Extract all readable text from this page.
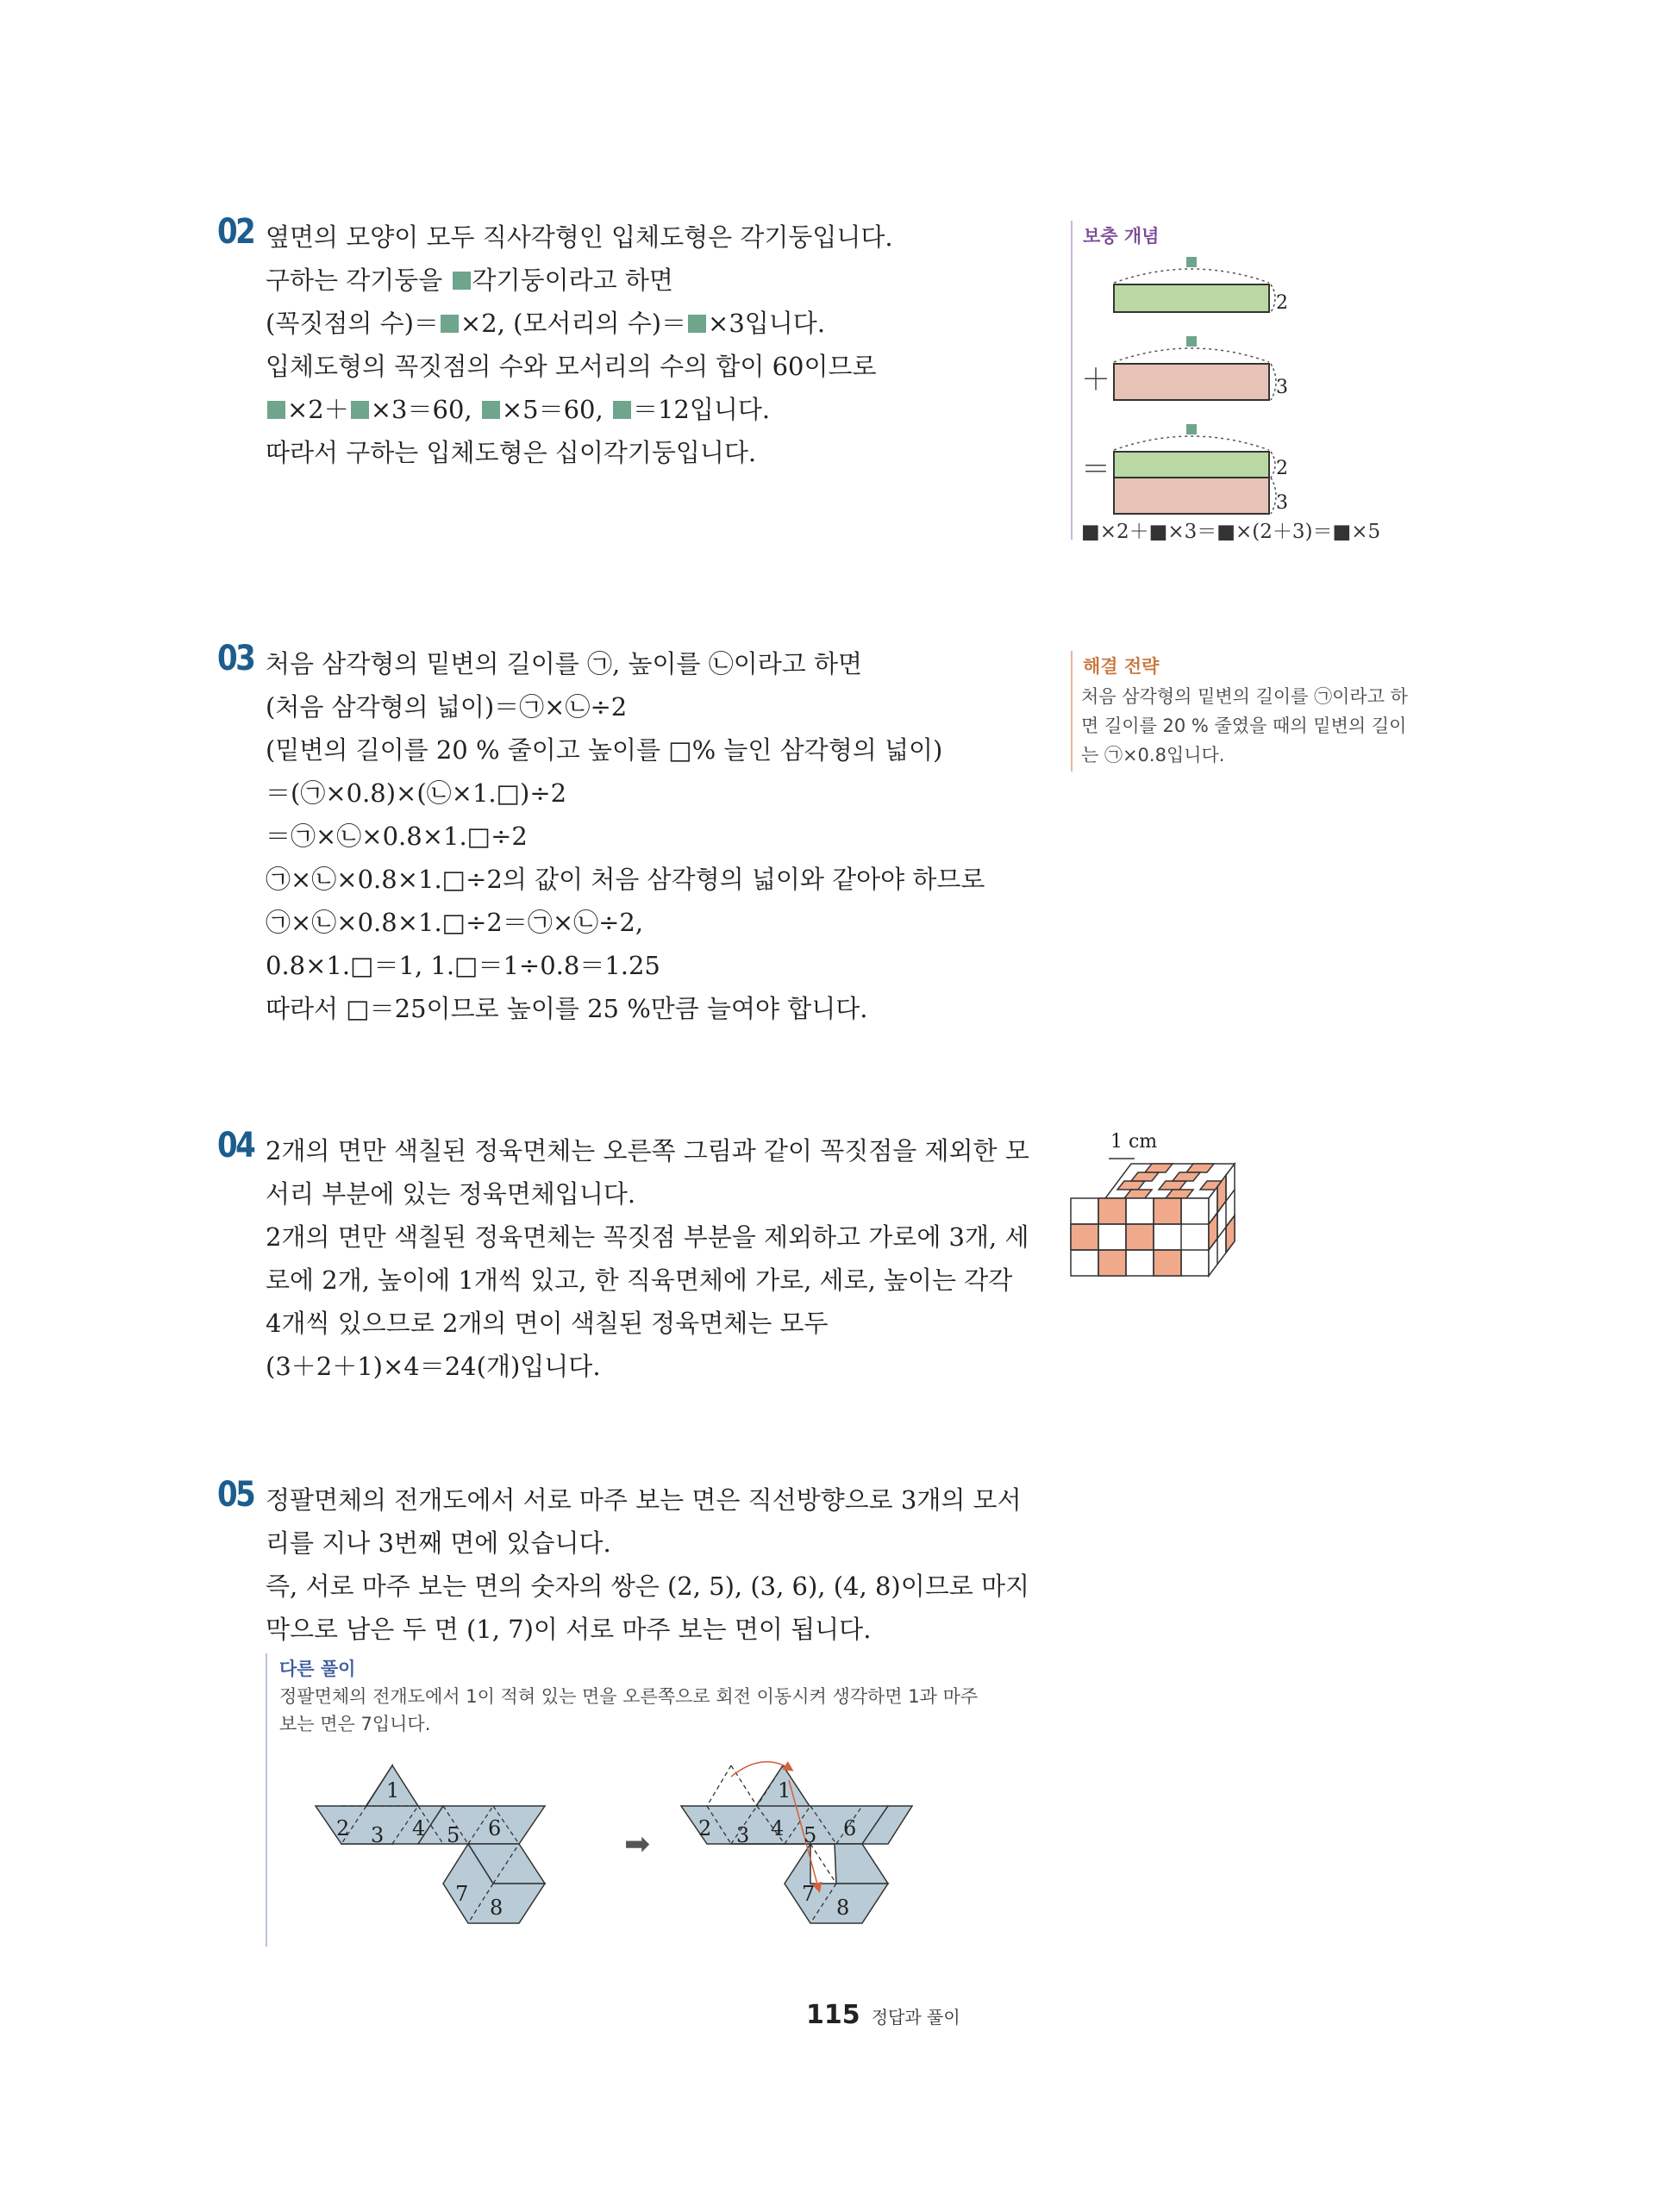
02 옆면의 모양이 모두 직사각형인 입체도형은 각기둥입니다.
구하는 각기둥을 각기둥이라고 하면
(꼭짓점의 수)＝ ×2, (모서리의 수)＝ ×3입니다.
입체도형의 꼭짓점의 수와 모서리의 수의 합이 60이므로
×2＋ ×3＝60, ×5＝60, ＝12입니다.
따라서 구하는 입체도형은 십이각기둥입니다.
보충 개념
2
＋	3
＝	2
3
■×2＋■×3＝■×(2＋3)＝■×5
03 처음 삼각형의 밑변의 길이를 ㉠, 높이를 ㉡이라고 하면
(처음 삼각형의 넓이)＝㉠×㉡÷2
(밑변의 길이를 20 % 줄이고 높이를 □% 늘인 삼각형의 넓이)
＝(㉠×0.8)×(㉡×1.□)÷2
＝㉠×㉡×0.8×1.□÷2
㉠×㉡×0.8×1.□÷2의 값이 처음 삼각형의 넓이와 같아야 하므로
㉠×㉡×0.8×1.□÷2＝㉠×㉡÷2,
0.8×1.□＝1, 1.□＝1÷0.8＝1.25
따라서 □＝25이므로 높이를 25 %만큼 늘여야 합니다.
해결 전략
처음 삼각형의 밑변의 길이를 ㉠이라고 하
면 길이를 20 % 줄였을 때의 밑변의 길이
는 ㉠×0.8입니다.
04 2개의 면만 색칠된 정육면체는 오른쪽 그림과 같이 꼭짓점을 제외한 모
서리 부분에 있는 정육면체입니다.
2개의 면만 색칠된 정육면체는 꼭짓점 부분을 제외하고 가로에 3개, 세
로에 2개, 높이에 1개씩 있고, 한 직육면체에 가로, 세로, 높이는 각각
4개씩 있으므로 2개의 면이 색칠된 정육면체는 모두
(3＋2＋1)×4＝24(개)입니다.
1 cm
05 정팔면체의 전개도에서 서로 마주 보는 면은 직선방향으로 3개의 모서
리를 지나 3번째 면에 있습니다.
즉, 서로 마주 보는 면의 숫자의 쌍은 (2, 5), (3, 6), (4, 8)이므로 마지
막으로 남은 두 면 (1, 7)이 서로 마주 보는 면이 됩니다.
다른 풀이
정팔면체의 전개도에서 1이 적혀 있는 면을 오른쪽으로 회전 이동시켜 생각하면 1과 마주
보는 면은 7입니다.
1
2 3 4 5 6
7
8
➡
1
2 3 4 5 6
7
8
115 정답과 풀이
